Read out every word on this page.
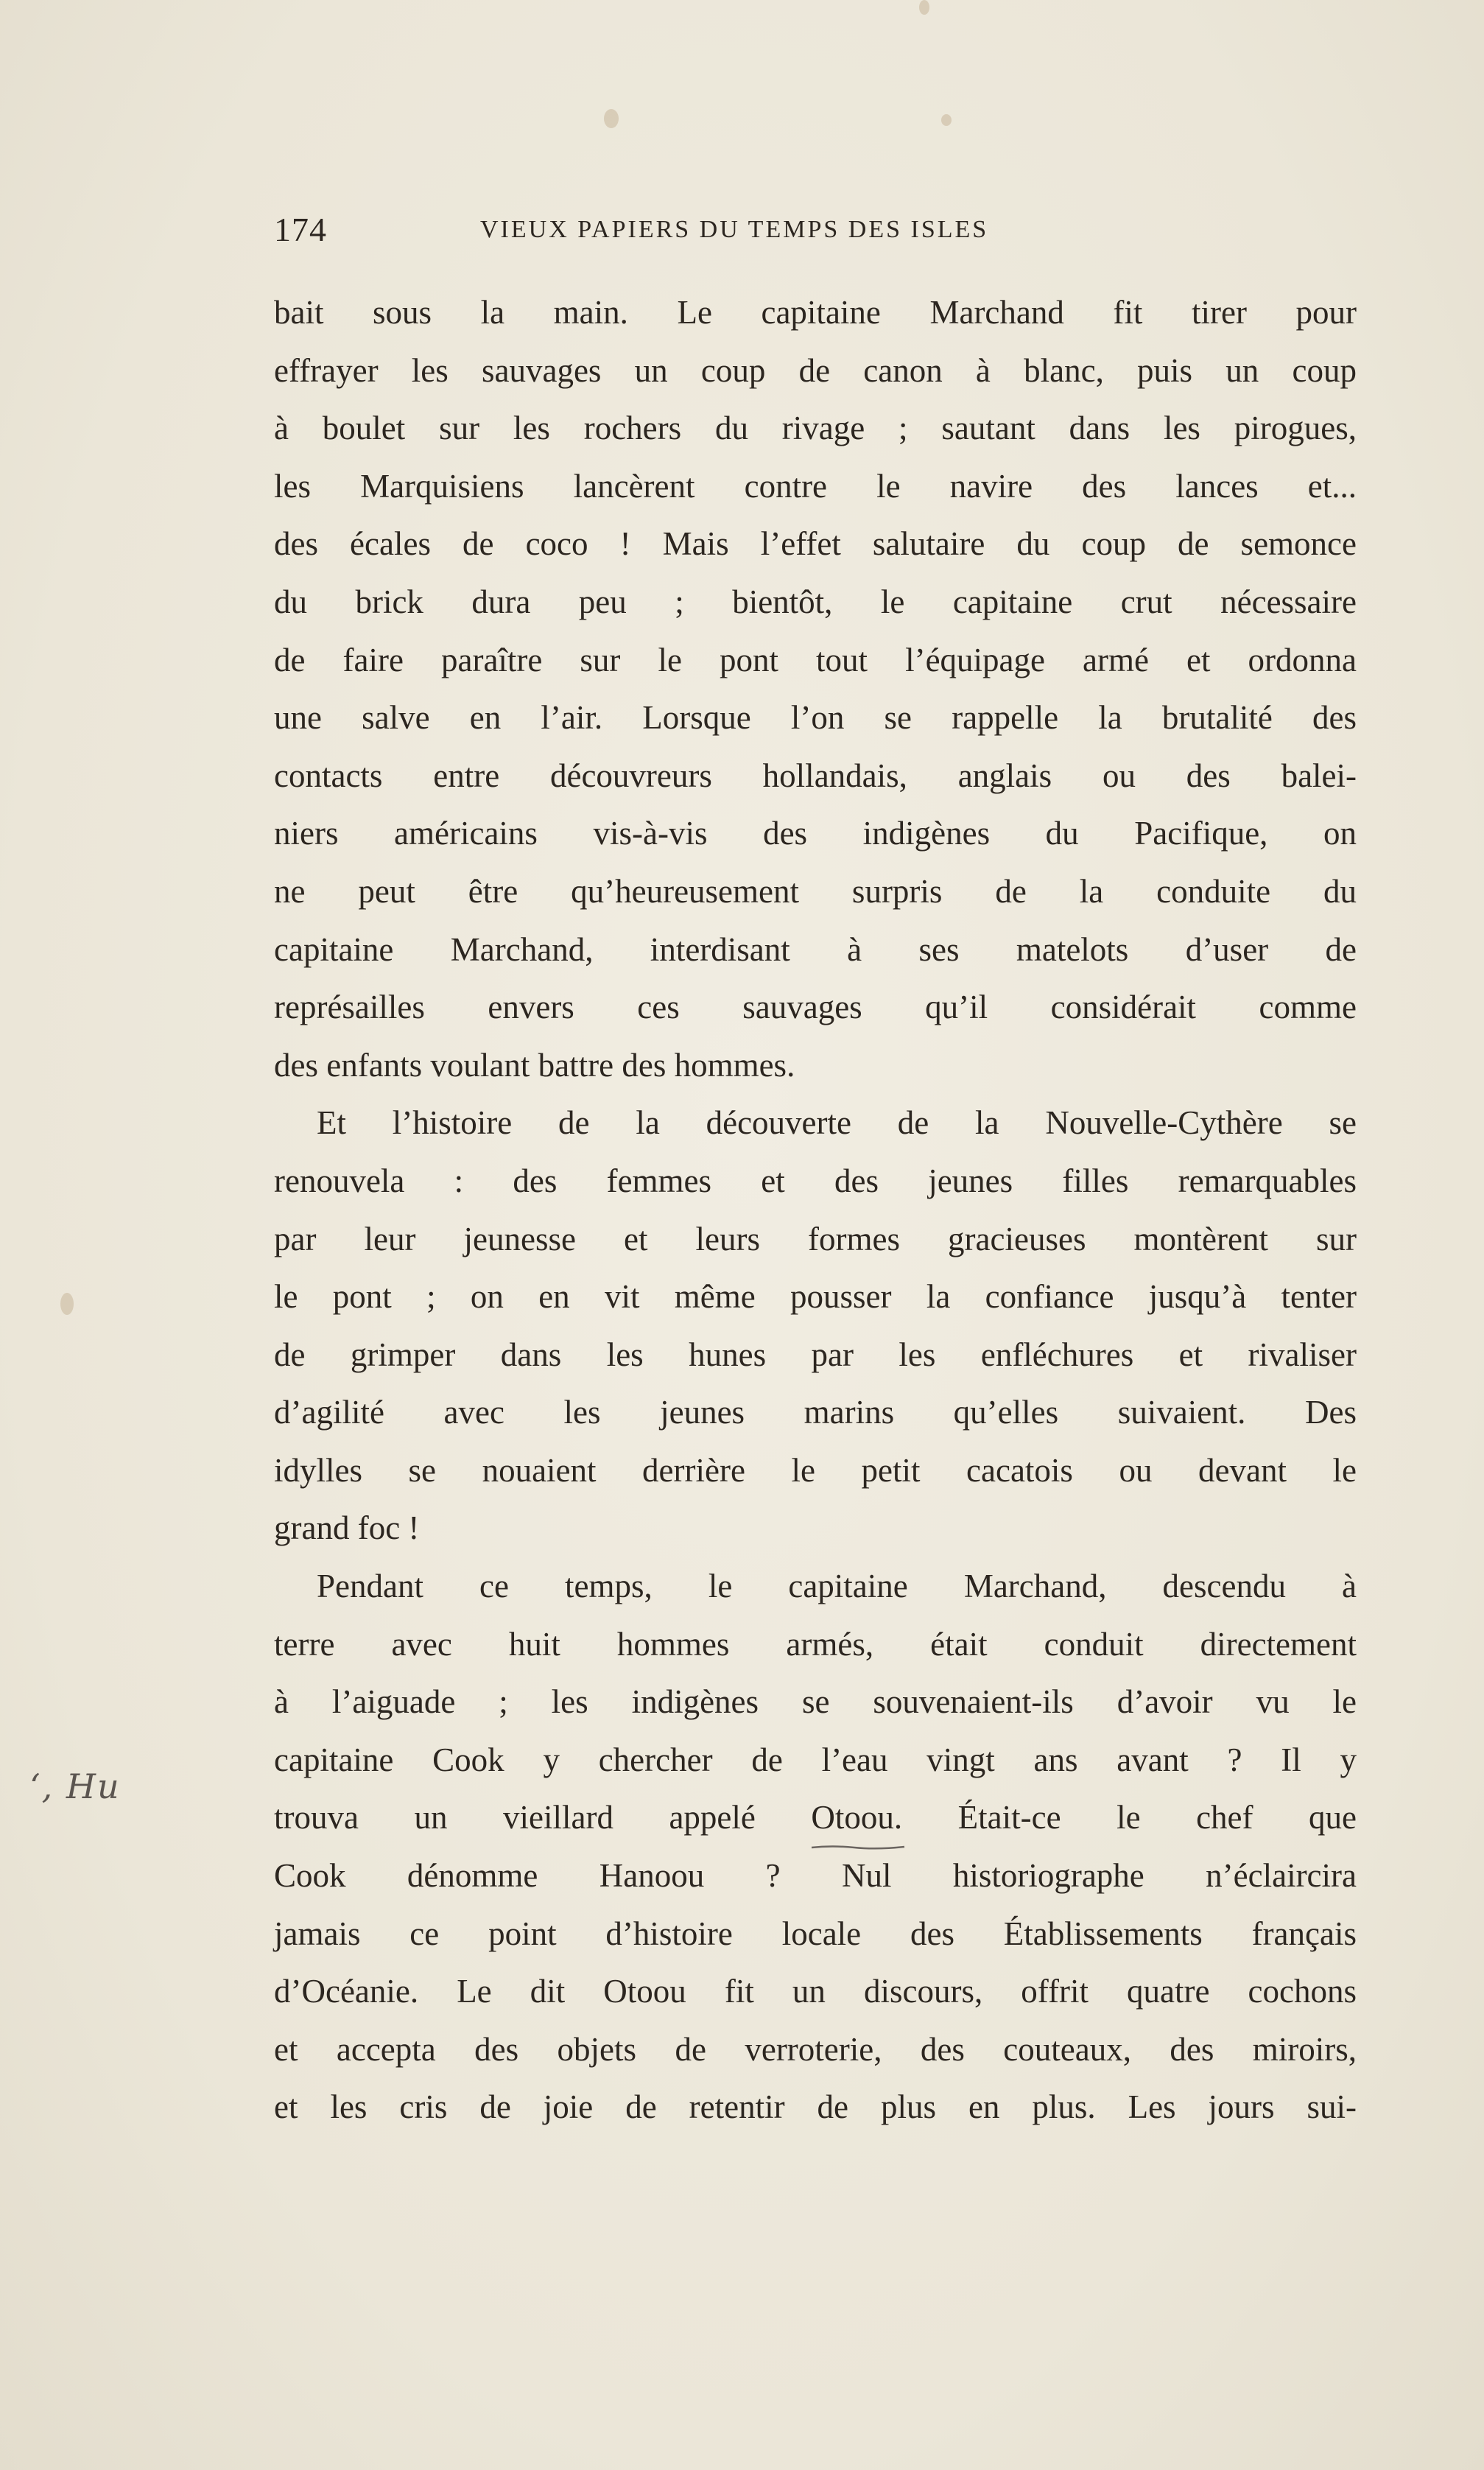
174	VIEUX PAPIERS DU TEMPS DES ISLES
bait sous la main. Le capitaine Marchand fit tirer pour
effrayer les sauvages un coup de canon à blanc, puis un coup
à boulet sur les rochers du rivage ; sautant dans les pirogues,
les Marquisiens lancèrent contre le navire des lances et...
des écales de coco ! Mais l’effet salutaire du coup de semonce
du brick dura peu ; bientôt, le capitaine crut nécessaire
de faire paraître sur le pont tout l’équipage armé et ordonna
une salve en l’air. Lorsque l’on se rappelle la brutalité des
contacts entre découvreurs hollandais, anglais ou des balei-
niers américains vis-à-vis des indigènes du Pacifique, on
ne peut être qu’heureusement surpris de la conduite du
capitaine Marchand, interdisant à ses matelots d’user de
représailles envers ces sauvages qu’il considérait comme
des enfants voulant battre des hommes.
Et l’histoire de la découverte de la Nouvelle-Cythère se
renouvela : des femmes et des jeunes filles remarquables
par leur jeunesse et leurs formes gracieuses montèrent sur
le pont ; on en vit même pousser la confiance jusqu’à tenter
de grimper dans les hunes par les enfléchures et rivaliser
d’agilité avec les jeunes marins qu’elles suivaient. Des
idylles se nouaient derrière le petit cacatois ou devant le
grand foc !
Pendant ce temps, le capitaine Marchand, descendu à
terre avec huit hommes armés, était conduit directement
à l’aiguade ; les indigènes se souvenaient-ils d’avoir vu le
capitaine Cook y chercher de l’eau vingt ans avant ? Il y
trouva un vieillard appelé Otoou. Était-ce le chef que
Cook dénomme Hanoou ? Nul historiographe n’éclaircira
jamais ce point d’histoire locale des Établissements français
d’Océanie. Le dit Otoou fit un discours, offrit quatre cochons
et accepta des objets de verroterie, des couteaux, des miroirs,
et les cris de joie de retentir de plus en plus. Les jours sui-
‘, Hu
